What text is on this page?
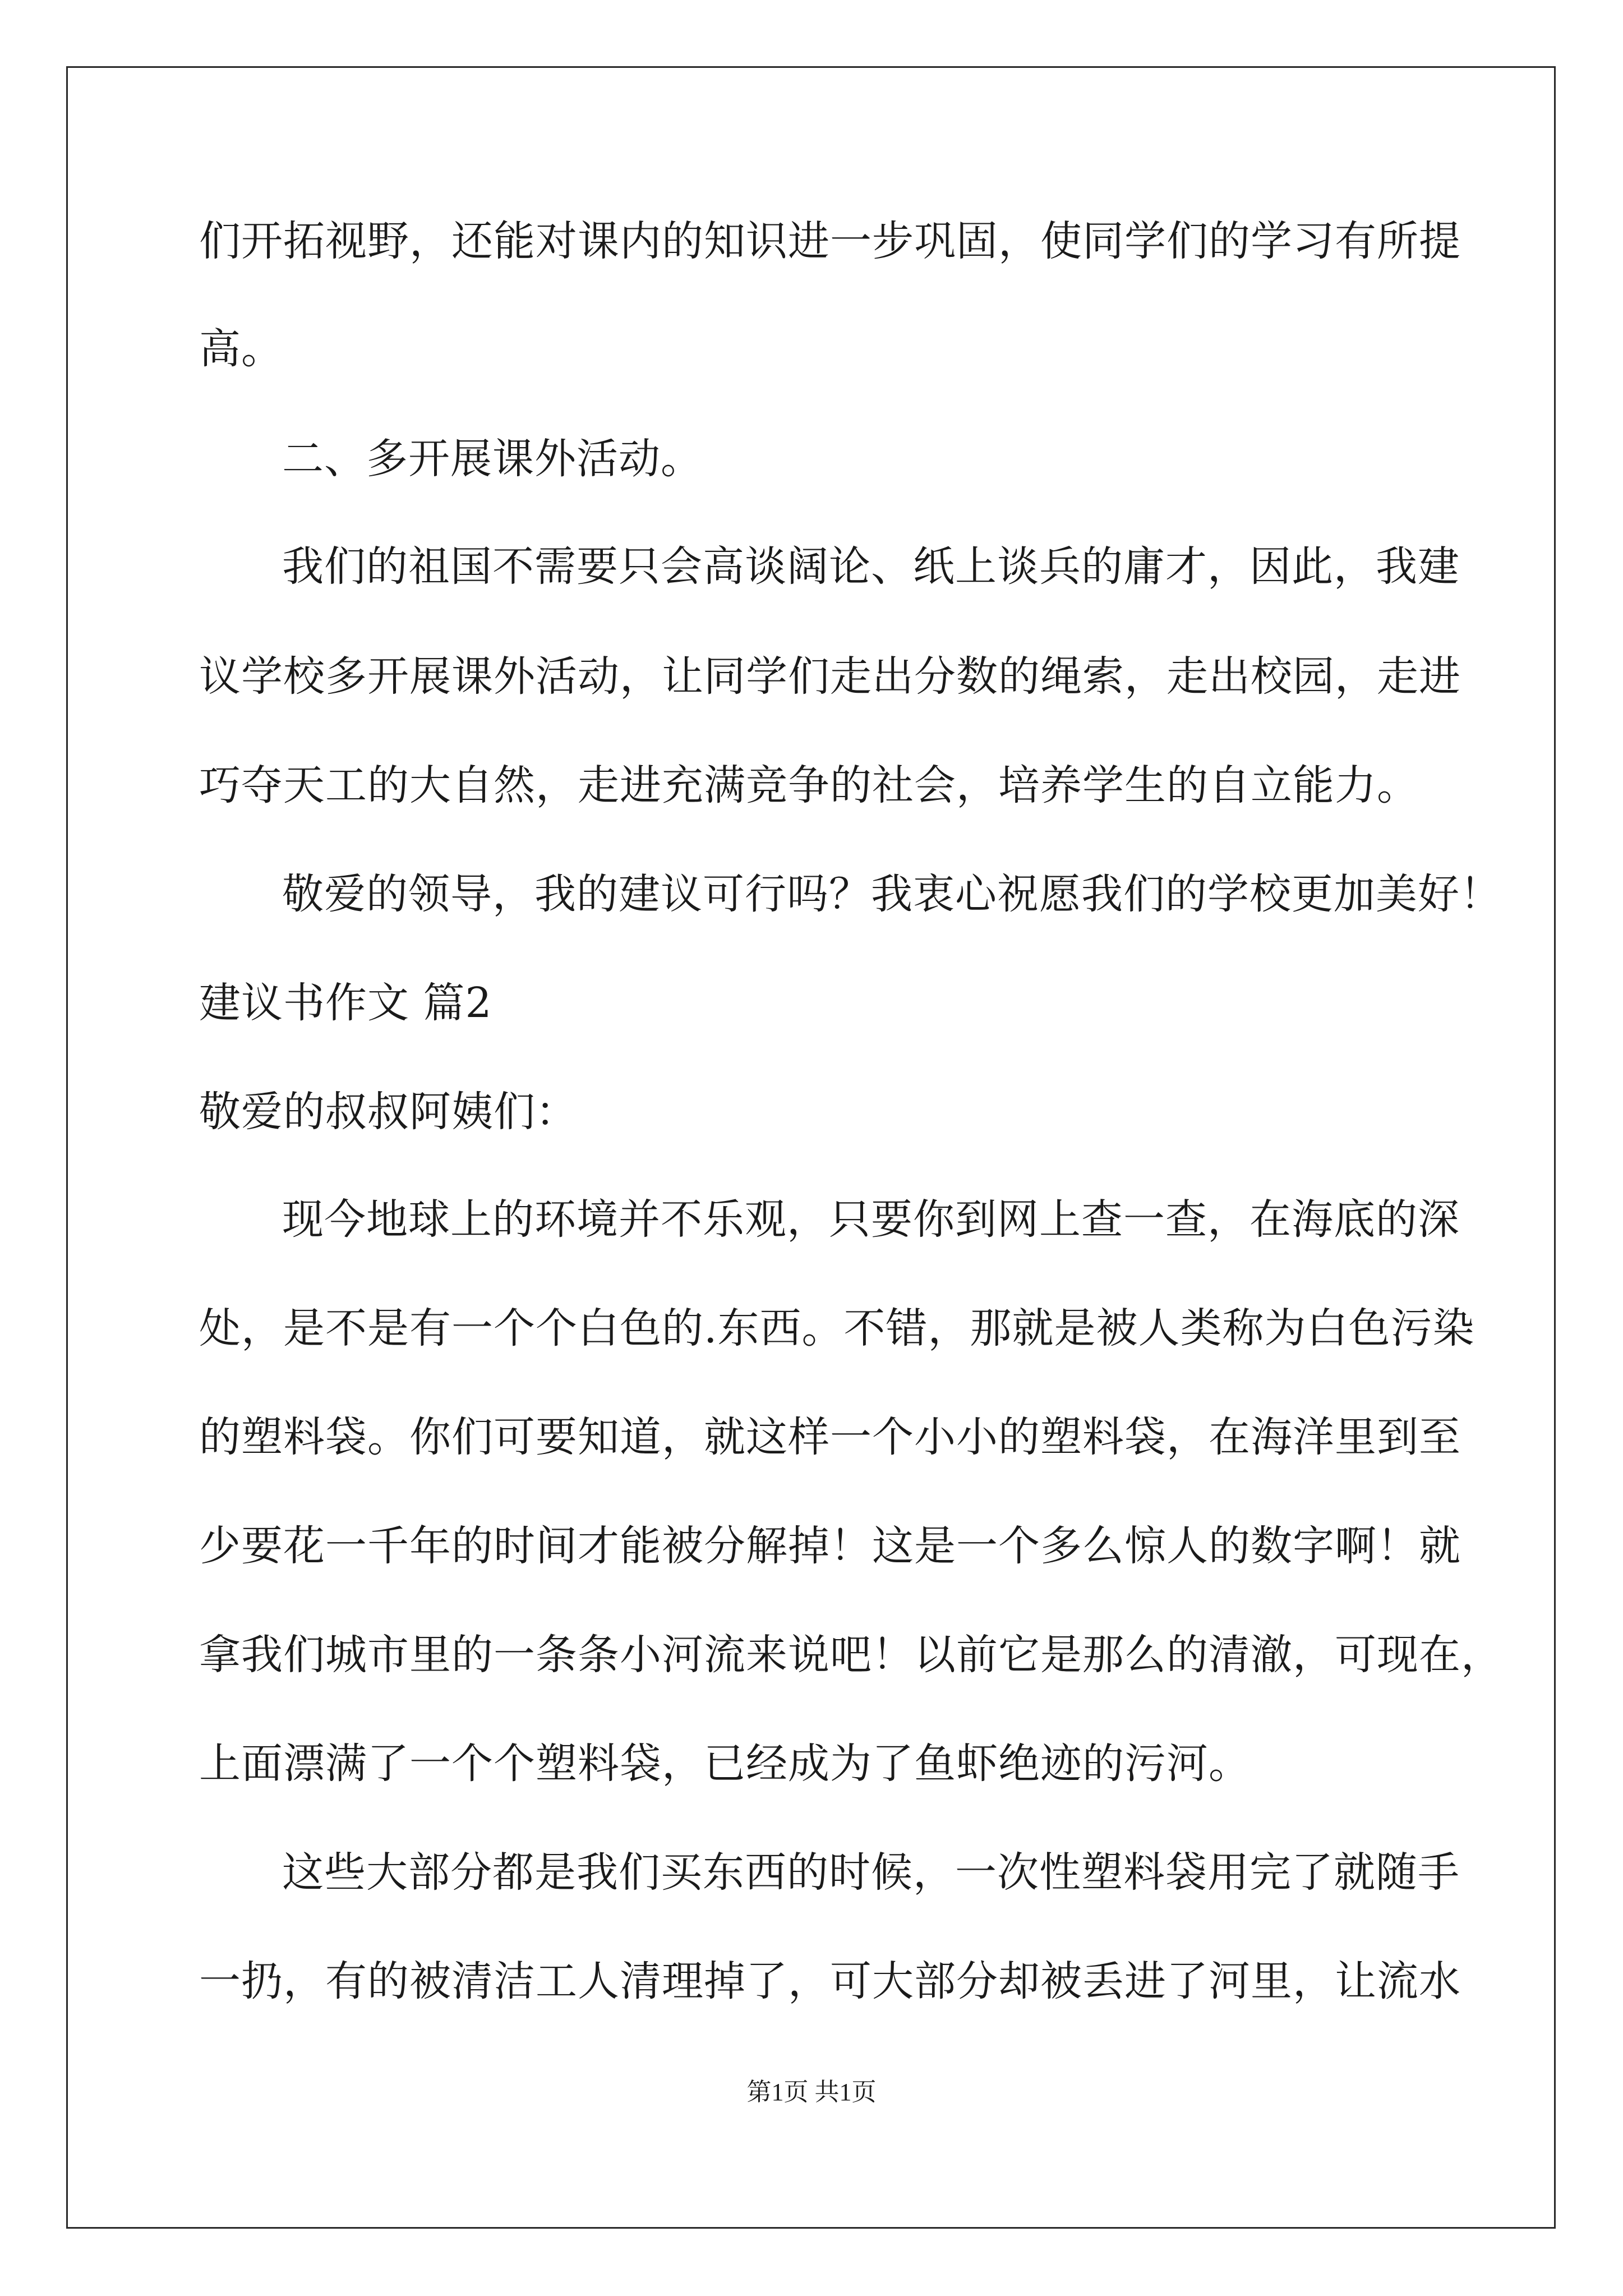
们开拓视野，还能对课内的知识进一步巩固，使同学们的学习有所提
高。
二、多开展课外活动。
我们的祖国不需要只会高谈阔论、纸上谈兵的庸才，因此，我建
议学校多开展课外活动，让同学们走出分数的绳索，走出校园，走进
巧夺天工的大自然，走进充满竞争的社会，培养学生的自立能力。
敬爱的领导，我的建议可行吗？我衷心祝愿我们的学校更加美好！
建议书作文 篇2
敬爱的叔叔阿姨们：
现今地球上的环境并不乐观，只要你到网上查一查，在海底的深
处，是不是有一个个白色的.东西。不错，那就是被人类称为白色污染
的塑料袋。你们可要知道，就这样一个小小的塑料袋，在海洋里到至
少要花一千年的时间才能被分解掉！这是一个多么惊人的数字啊！就
拿我们城市里的一条条小河流来说吧！以前它是那么的清澈，可现在，
上面漂满了一个个塑料袋，已经成为了鱼虾绝迹的污河。
这些大部分都是我们买东西的时候，一次性塑料袋用完了就随手
一扔，有的被清洁工人清理掉了，可大部分却被丢进了河里，让流水
第1页 共1页
